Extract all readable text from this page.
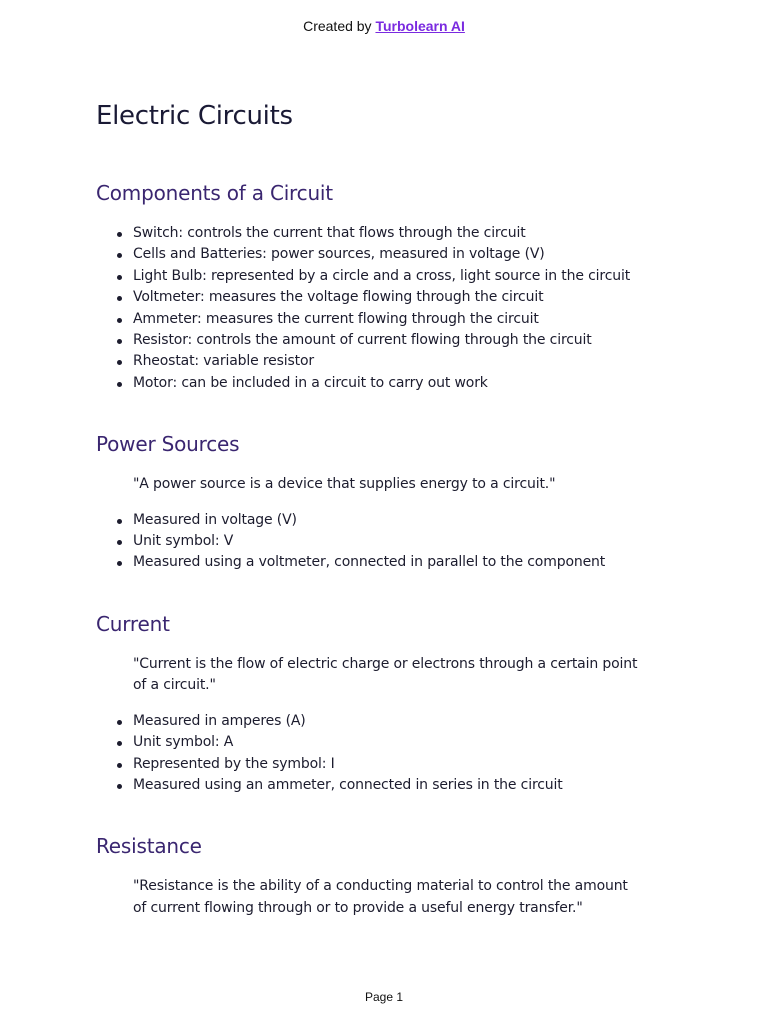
Created by Turbolearn AI
Electric Circuits
Components of a Circuit
Switch: controls the current that flows through the circuit
Cells and Batteries: power sources, measured in voltage (V)
Light Bulb: represented by a circle and a cross, light source in the circuit
Voltmeter: measures the voltage flowing through the circuit
Ammeter: measures the current flowing through the circuit
Resistor: controls the amount of current flowing through the circuit
Rheostat: variable resistor
Motor: can be included in a circuit to carry out work
Power Sources

"A power source is a device that supplies energy to a circuit."

Measured in voltage (V)
Unit symbol: V
Measured using a voltmeter, connected in parallel to the component
Current

"Current is the flow of electric charge or electrons through a certain point of a circuit."

Measured in amperes (A)
Unit symbol: A
Represented by the symbol: I
Measured using an ammeter, connected in series in the circuit
Resistance

"Resistance is the ability of a conducting material to control the amount of current flowing through or to provide a useful energy transfer."

Page 1
